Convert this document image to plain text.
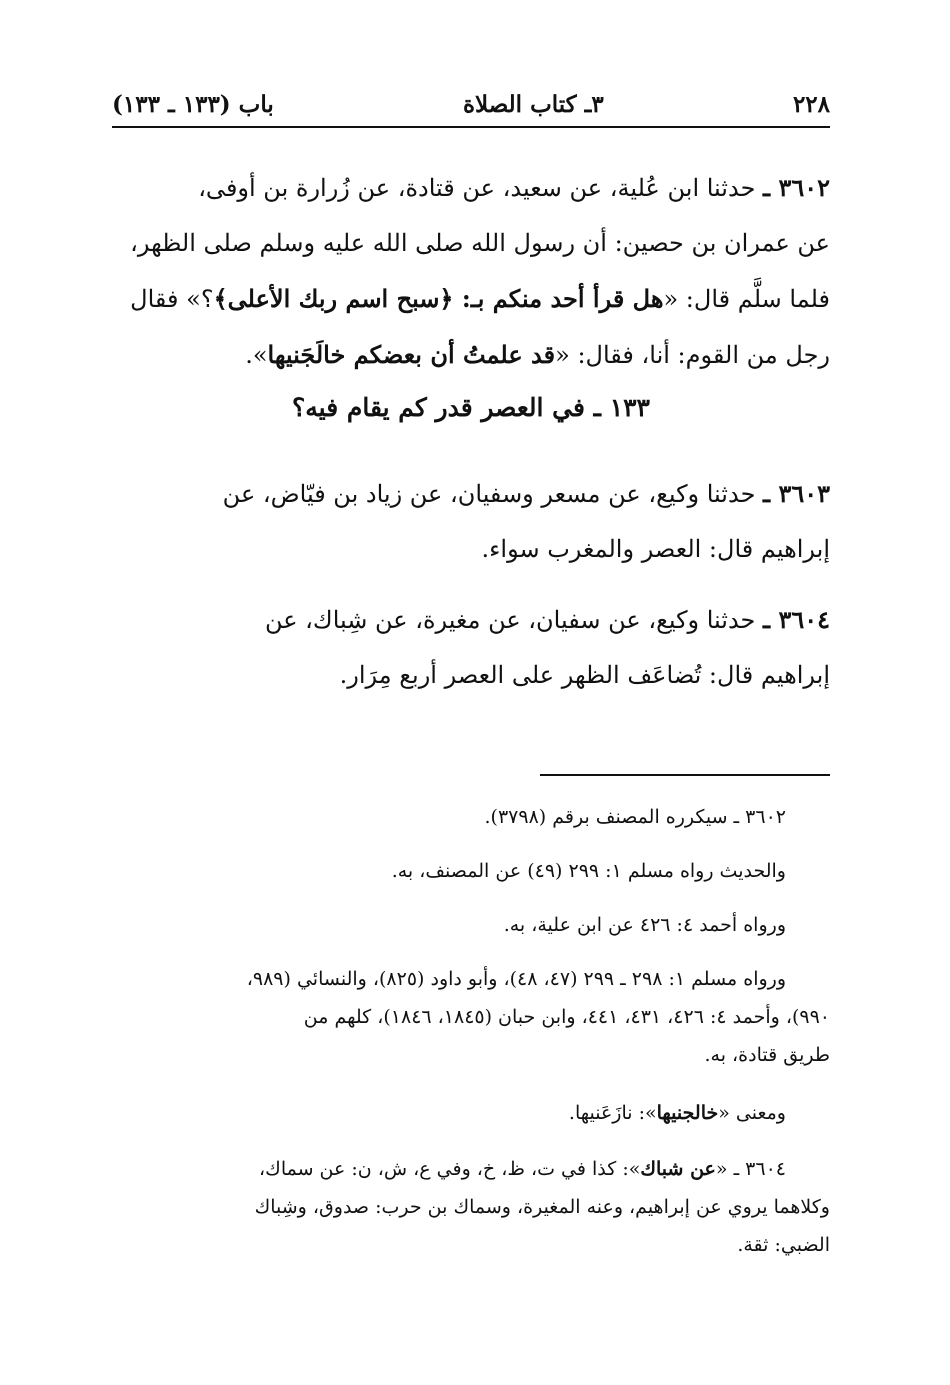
٢٢٨
٣ـ كتاب الصلاة
باب (١٣٣ ـ ١٣٣)
٣٦٠٢ ـ حدثنا ابن عُلية، عن سعيد، عن قتادة، عن زُرارة بن أوفى،
عن عمران بن حصين: أن رسول الله صلى الله عليه وسلم صلى الظهر،
فلما سلَّم قال: «هل قرأ أحد منكم بـ: ﴿سبح اسم ربك الأعلى﴾؟» فقال
رجل من القوم: أنا، فقال: «قد علمتُ أن بعضكم خالَجَنيها».
١٣٣ ـ في العصر قدر كم يقام فيه؟
٣٦٠٣ ـ حدثنا وكيع، عن مسعر وسفيان، عن زياد بن فيّاض، عن
إبراهيم قال: العصر والمغرب سواء.
٣٦٠٤ ـ حدثنا وكيع، عن سفيان، عن مغيرة، عن شِباك، عن
إبراهيم قال: تُضاعَف الظهر على العصر أربع مِرَار.
٣٦٠٢ ـ سيكرره المصنف برقم (٣٧٩٨).
والحديث رواه مسلم ١: ٢٩٩ (٤٩) عن المصنف، به.
ورواه أحمد ٤: ٤٢٦ عن ابن علية، به.
ورواه مسلم ١: ٢٩٨ ـ ٢٩٩ (٤٧، ٤٨)، وأبو داود (٨٢٥)، والنسائي (٩٨٩،
٩٩٠)، وأحمد ٤: ٤٢٦، ٤٣١، ٤٤١، وابن حبان (١٨٤٥، ١٨٤٦)، كلهم من
طريق قتادة، به.
ومعنى «خالجنيها»: نازَعَنيها.
٣٦٠٤ ـ «عن شباك»: كذا في ت، ظ، خ، وفي ع، ش، ن: عن سماك،
وكلاهما يروي عن إبراهيم، وعنه المغيرة، وسماك بن حرب: صدوق، وشِباك
الضبي: ثقة.
